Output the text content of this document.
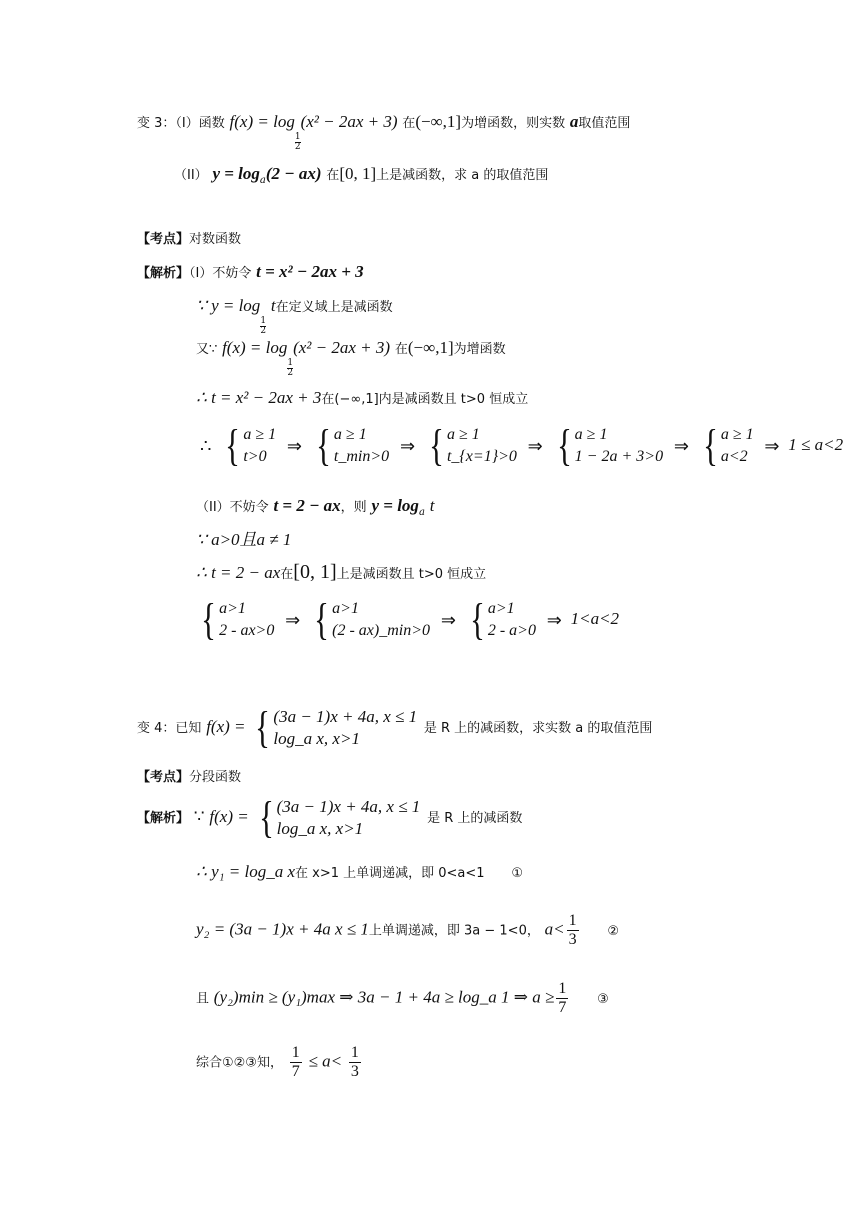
变 3：（I）函数 f(x) = log
$\frac{1}{2}$
(x² − 2ax + 3) 在(−∞,1]为增函数，则实数 a取值范围
（II） $y = \log_a(2 - ax)$ 在[0, 1]上是减函数，求 a 的取值范围
【考点】对数函数
【解析】（I）不妨令 t = x² − 2ax + 3
∵ y = log
$\frac{1}{2}$
t在定义域上是减函数
又∵ f(x) = log
$\frac{1}{2}$
(x² − 2ax + 3) 在(−∞,1]为增函数
∴ t = x² − 2ax + 3在(−∞,1]内是减函数且 t>0 恒成立
∴ { a ≥ 1
t>0
⇒ { a ≥ 1
t_min>0
⇒ { a ≥ 1
t_{x=1}>0
⇒ { a ≥ 1
1 − 2a + 3>0
⇒ { a ≥ 1
a<2
⇒ 1 ≤ a<2
（II）不妨令 t = 2 − ax，则 $y = \log_a t$
∵ a>0且a ≠ 1
∴ t = 2 − ax在[0, 1]上是减函数且 t>0 恒成立
{ a>1
2 - ax>0
⇒ { a>1
(2 - ax)_min>0
⇒ { a>1
2 - a>0
⇒ 1<a<2
变 4：已知 f(x) = { (3a − 1)x + 4a, x ≤ 1
log_a x, x>1
是 R 上的减函数，求实数 a 的取值范围
【考点】分段函数
【解析】 ∵ f(x) = { (3a − 1)x + 4a, x ≤ 1
log_a x, x>1
是 R 上的减函数
∴ y₁ = log_a x在 x>1 上单调递减，即 0<a<1 ①
y₂ = (3a − 1)x + 4a x ≤ 1上单调递减，即 3a − 1<0， $a< \frac{1}{3}$ ②
且 (y₂)min ≥ (y₁)max ⇒ 3a − 1 + 4a ≥ log_a 1 ⇒ $a \ge \frac{1}{7}$ ③
综合①②③知， $\frac{1}{7} \le a< \frac{1}{3}$
